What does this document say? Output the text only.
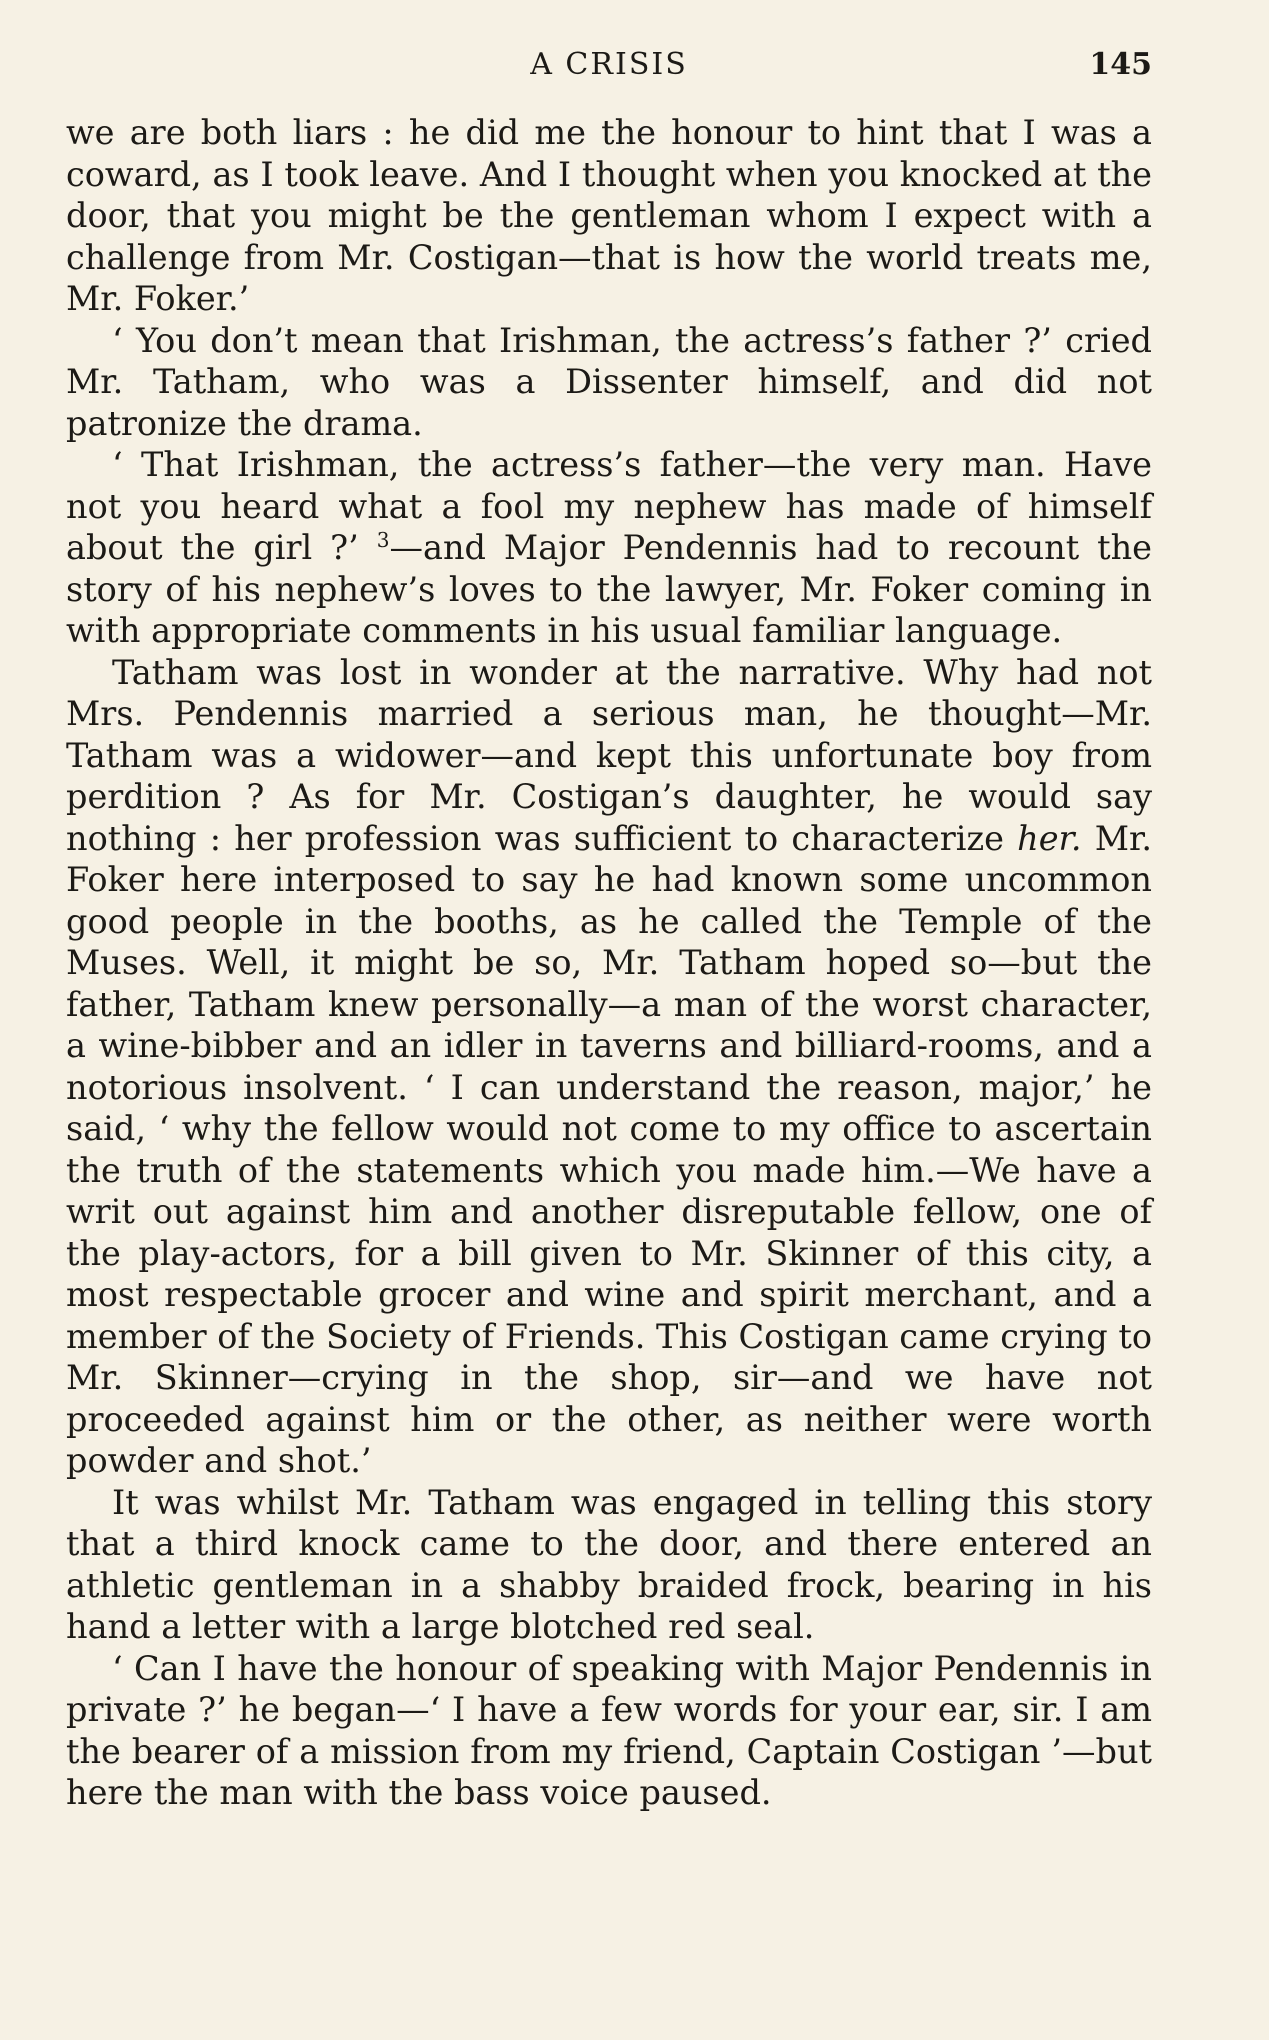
A CRISIS	145

we are both liars : he did me the honour to hint that I was a coward, as I took leave. And I thought when you knocked at the door, that you might be the gentleman whom I expect with a challenge from Mr. Costigan—that is how the world treats me, Mr. Foker.’

‘ You don’t mean that Irishman, the actress’s father ?’ cried Mr. Tatham, who was a Dissenter himself, and did not patronize the drama.

‘ That Irishman, the actress’s father—the very man. Have not you heard what a fool my nephew has made of himself about the girl ?’ $^3$—and Major Pendennis had to recount the story of his nephew’s loves to the lawyer, Mr. Foker coming in with appropriate comments in his usual familiar language.

Tatham was lost in wonder at the narrative. Why had not Mrs. Pendennis married a serious man, he thought—Mr. Tatham was a widower—and kept this unfortunate boy from perdition ? As for Mr. Costigan’s daughter, he would say nothing : her profession was sufficient to characterize her. Mr. Foker here interposed to say he had known some uncommon good people in the booths, as he called the Temple of the Muses. Well, it might be so, Mr. Tatham hoped so—but the father, Tatham knew personally—a man of the worst character, a wine-bibber and an idler in taverns and billiard-rooms, and a notorious insolvent. ‘ I can understand the reason, major,’ he said, ‘ why the fellow would not come to my office to ascertain the truth of the statements which you made him.—We have a writ out against him and another disreputable fellow, one of the play-actors, for a bill given to Mr. Skinner of this city, a most respectable grocer and wine and spirit merchant, and a member of the Society of Friends. This Costigan came crying to Mr. Skinner—crying in the shop, sir—and we have not proceeded against him or the other, as neither were worth powder and shot.’

It was whilst Mr. Tatham was engaged in telling this story that a third knock came to the door, and there entered an athletic gentleman in a shabby braided frock, bearing in his hand a letter with a large blotched red seal.

‘ Can I have the honour of speaking with Major Pendennis in private ?’ he began—‘ I have a few words for your ear, sir. I am the bearer of a mission from my friend, Captain Costigan ’—but here the man with the bass voice paused.
